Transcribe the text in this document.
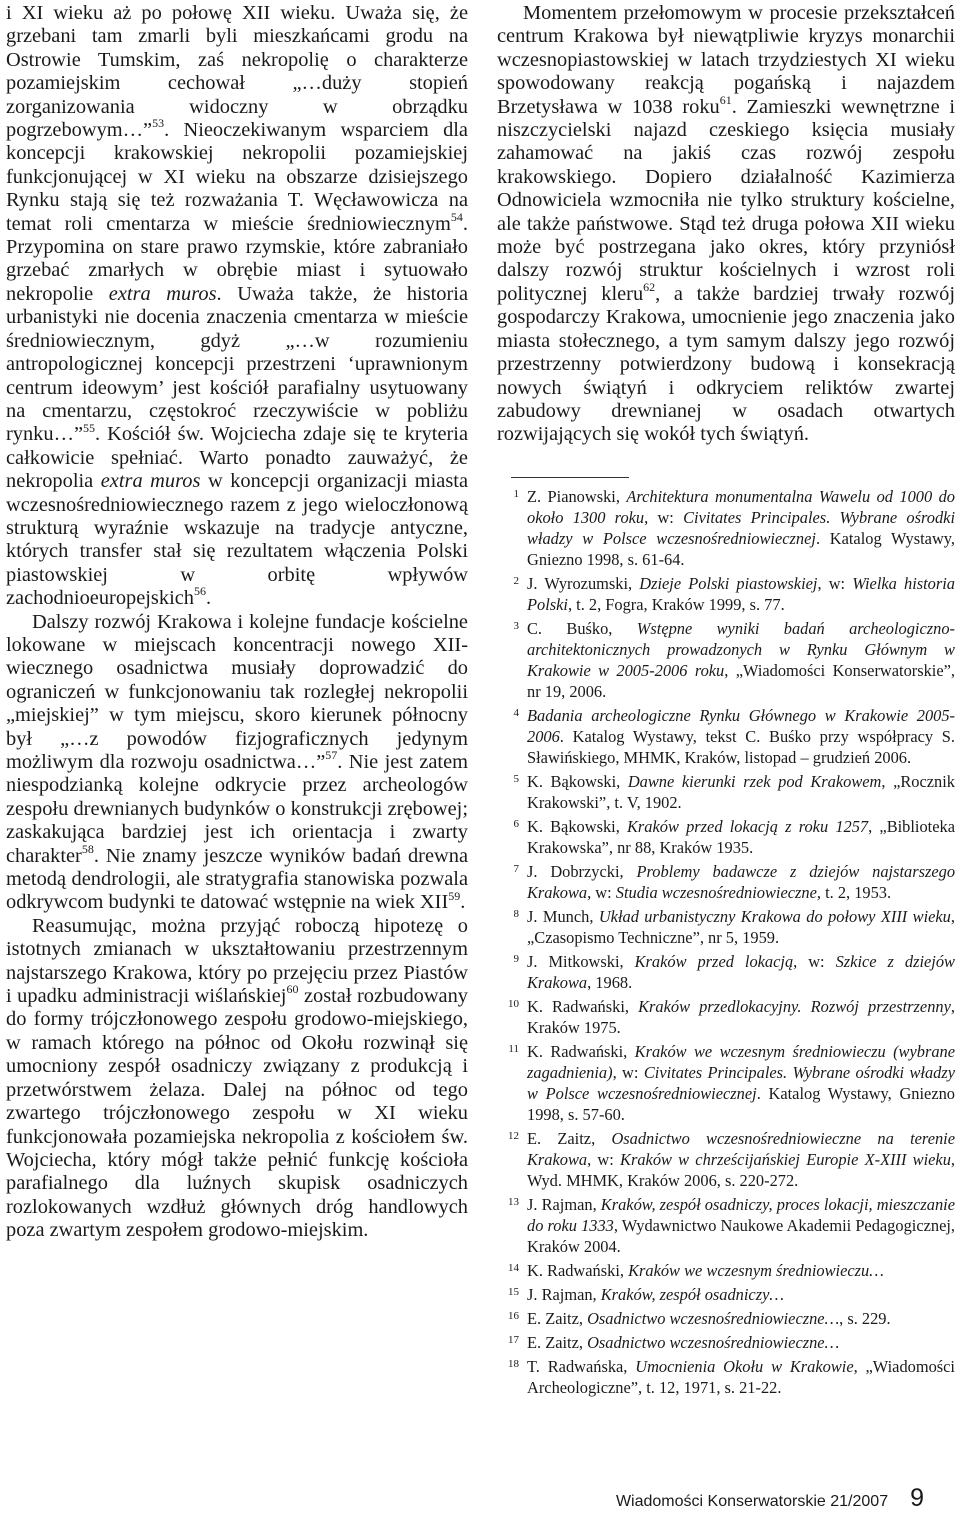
i XI wieku aż po połowę XII wieku. Uważa się, że grzebani tam zmarli byli mieszkańcami grodu na Ostrowie Tumskim, zaś nekropolię o charakterze pozamiejskim cechował „…duży stopień zorganizowania widoczny w obrządku pogrzebowym…”$^{53}$. Nieoczekiwanym wsparciem dla koncepcji krakowskiej nekropolii pozamiejskiej funkcjonującej w XI wieku na obszarze dzisiejszego Rynku stają się też rozważania T. Węcławowicza na temat roli cmentarza w mieście średniowiecznym$^{54}$. Przypomina on stare prawo rzymskie, które zabraniało grzebać zmarłych w obrębie miast i sytuowało nekropolie extra muros. Uważa także, że historia urbanistyki nie docenia znaczenia cmentarza w mieście średniowiecznym, gdyż „…w rozumieniu antropologicznej koncepcji przestrzeni ‘uprawnionym centrum ideowym’ jest kościół parafialny usytuowany na cmentarzu, częstokroć rzeczywiście w pobliżu rynku…”$^{55}$. Kościół św. Wojciecha zdaje się te kryteria całkowicie spełniać. Warto ponadto zauważyć, że nekropolia extra muros w koncepcji organizacji miasta wczesnośredniowiecznego razem z jego wieloczłonową strukturą wyraźnie wskazuje na tradycje antyczne, których transfer stał się rezultatem włączenia Polski piastowskiej w orbitę wpływów zachodnioeuropejskich$^{56}$.

Dalszy rozwój Krakowa i kolejne fundacje kościelne lokowane w miejscach koncentracji nowego XII-wiecznego osadnictwa musiały doprowadzić do ograniczeń w funkcjonowaniu tak rozległej nekropolii „miejskiej” w tym miejscu, skoro kierunek północny był „…z powodów fizjograficznych jedynym możliwym dla rozwoju osadnictwa…”$^{57}$. Nie jest zatem niespodzianką kolejne odkrycie przez archeologów zespołu drewnianych budynków o konstrukcji zrębowej; zaskakująca bardziej jest ich orientacja i zwarty charakter$^{58}$. Nie znamy jeszcze wyników badań drewna metodą dendrologii, ale stratygrafia stanowiska pozwala odkrywcom budynki te datować wstępnie na wiek XII$^{59}$.

Reasumując, można przyjąć roboczą hipotezę o istotnych zmianach w ukształtowaniu przestrzennym najstarszego Krakowa, który po przejęciu przez Piastów i upadku administracji wiślańskiej$^{60}$ został rozbudowany do formy trójczłonowego zespołu grodowo-miejskiego, w ramach którego na północ od Okołu rozwinął się umocniony zespół osadniczy związany z produkcją i przetwórstwem żelaza. Dalej na północ od tego zwartego trójczłonowego zespołu w XI wieku funkcjonowała pozamiejska nekropolia z kościołem św. Wojciecha, który mógł także pełnić funkcję kościoła parafialnego dla luźnych skupisk osadniczych rozlokowanych wzdłuż głównych dróg handlowych poza zwartym zespołem grodowo-miejskim.

Momentem przełomowym w procesie przekształceń centrum Krakowa był niewątpliwie kryzys monarchii wczesnopiastowskiej w latach trzydziestych XI wieku spowodowany reakcją pogańską i najazdem Brzetysława w 1038 roku$^{61}$. Zamieszki wewnętrzne i niszczycielski najazd czeskiego księcia musiały zahamować na jakiś czas rozwój zespołu krakowskiego. Dopiero działalność Kazimierza Odnowiciela wzmocniła nie tylko struktury kościelne, ale także państwowe. Stąd też druga połowa XII wieku może być postrzegana jako okres, który przyniósł dalszy rozwój struktur kościelnych i wzrost roli politycznej kleru$^{62}$, a także bardziej trwały rozwój gospodarczy Krakowa, umocnienie jego znaczenia jako miasta stołecznego, a tym samym dalszy jego rozwój przestrzenny potwierdzony budową i konsekracją nowych świątyń i odkryciem reliktów zwartej zabudowy drewnianej w osadach otwartych rozwijających się wokół tych świątyń.

1 Z. Pianowski, Architektura monumentalna Wawelu od 1000 do około 1300 roku, w: Civitates Principales. Wybrane ośrodki władzy w Polsce wczesnośredniowiecznej. Katalog Wystawy, Gniezno 1998, s. 61-64.
2 J. Wyrozumski, Dzieje Polski piastowskiej, w: Wielka historia Polski, t. 2, Fogra, Kraków 1999, s. 77.
3 C. Buśko, Wstępne wyniki badań archeologiczno-architektonicznych prowadzonych w Rynku Głównym w Krakowie w 2005-2006 roku, „Wiadomości Konserwatorskie”, nr 19, 2006.
4 Badania archeologiczne Rynku Głównego w Krakowie 2005-2006. Katalog Wystawy, tekst C. Buśko przy współpracy S. Sławińskiego, MHMK, Kraków, listopad – grudzień 2006.
5 K. Bąkowski, Dawne kierunki rzek pod Krakowem, „Rocznik Krakowski”, t. V, 1902.
6 K. Bąkowski, Kraków przed lokacją z roku 1257, „Biblioteka Krakowska”, nr 88, Kraków 1935.
7 J. Dobrzycki, Problemy badawcze z dziejów najstarszego Krakowa, w: Studia wczesnośredniowieczne, t. 2, 1953.
8 J. Munch, Układ urbanistyczny Krakowa do połowy XIII wieku, „Czasopismo Techniczne”, nr 5, 1959.
9 J. Mitkowski, Kraków przed lokacją, w: Szkice z dziejów Krakowa, 1968.
10 K. Radwański, Kraków przedlokacyjny. Rozwój przestrzenny, Kraków 1975.
11 K. Radwański, Kraków we wczesnym średniowieczu (wybrane zagadnienia), w: Civitates Principales. Wybrane ośrodki władzy w Polsce wczesnośredniowiecznej. Katalog Wystawy, Gniezno 1998, s. 57-60.
12 E. Zaitz, Osadnictwo wczesnośredniowieczne na terenie Krakowa, w: Kraków w chrześcijańskiej Europie X-XIII wieku, Wyd. MHMK, Kraków 2006, s. 220-272.
13 J. Rajman, Kraków, zespół osadniczy, proces lokacji, mieszczanie do roku 1333, Wydawnictwo Naukowe Akademii Pedagogicznej, Kraków 2004.
14 K. Radwański, Kraków we wczesnym średniowieczu…
15 J. Rajman, Kraków, zespół osadniczy…
16 E. Zaitz, Osadnictwo wczesnośredniowieczne…, s. 229.
17 E. Zaitz, Osadnictwo wczesnośredniowieczne…
18 T. Radwańska, Umocnienia Okołu w Krakowie, „Wiadomości Archeologiczne”, t. 12, 1971, s. 21-22.
Wiadomości Konserwatorskie 21/2007 9
